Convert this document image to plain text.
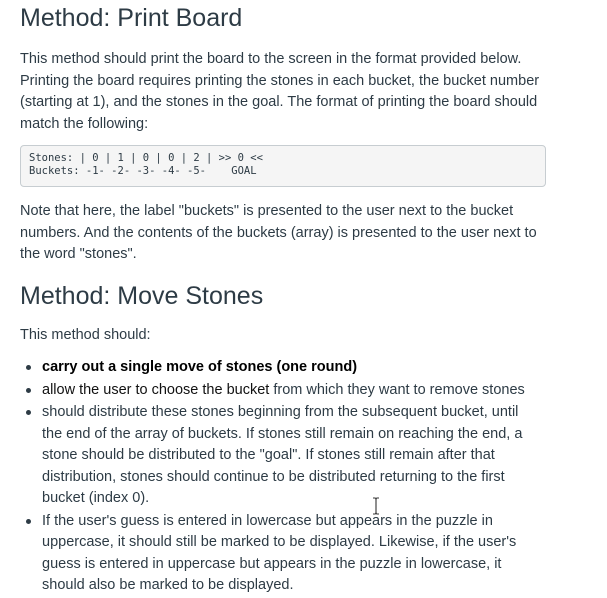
Method: Print Board

This method should print the board to the screen in the format provided below. Printing the board requires printing the stones in each bucket, the bucket number (starting at 1), and the stones in the goal. The format of printing the board should match the following:

Stones: | 0 | 1 | 0 | 0 | 2 | >> 0 <<
Buckets: -1- -2- -3- -4- -5-    GOAL

Note that here, the label "buckets" is presented to the user next to the bucket numbers. And the contents of the buckets (array) is presented to the user next to the word "stones".

Method: Move Stones

This method should:

carry out a single move of stones (one round)
allow the user to choose the bucket from which they want to remove stones
should distribute these stones beginning from the subsequent bucket, until the end of the array of buckets. If stones still remain on reaching the end, a stone should be distributed to the "goal". If stones still remain after that distribution, stones should continue to be distributed returning to the first bucket (index 0).
If the user's guess is entered in lowercase but appears in the puzzle in uppercase, it should still be marked to be displayed. Likewise, if the user's guess is entered in uppercase but appears in the puzzle in lowercase, it should also be marked to be displayed.
